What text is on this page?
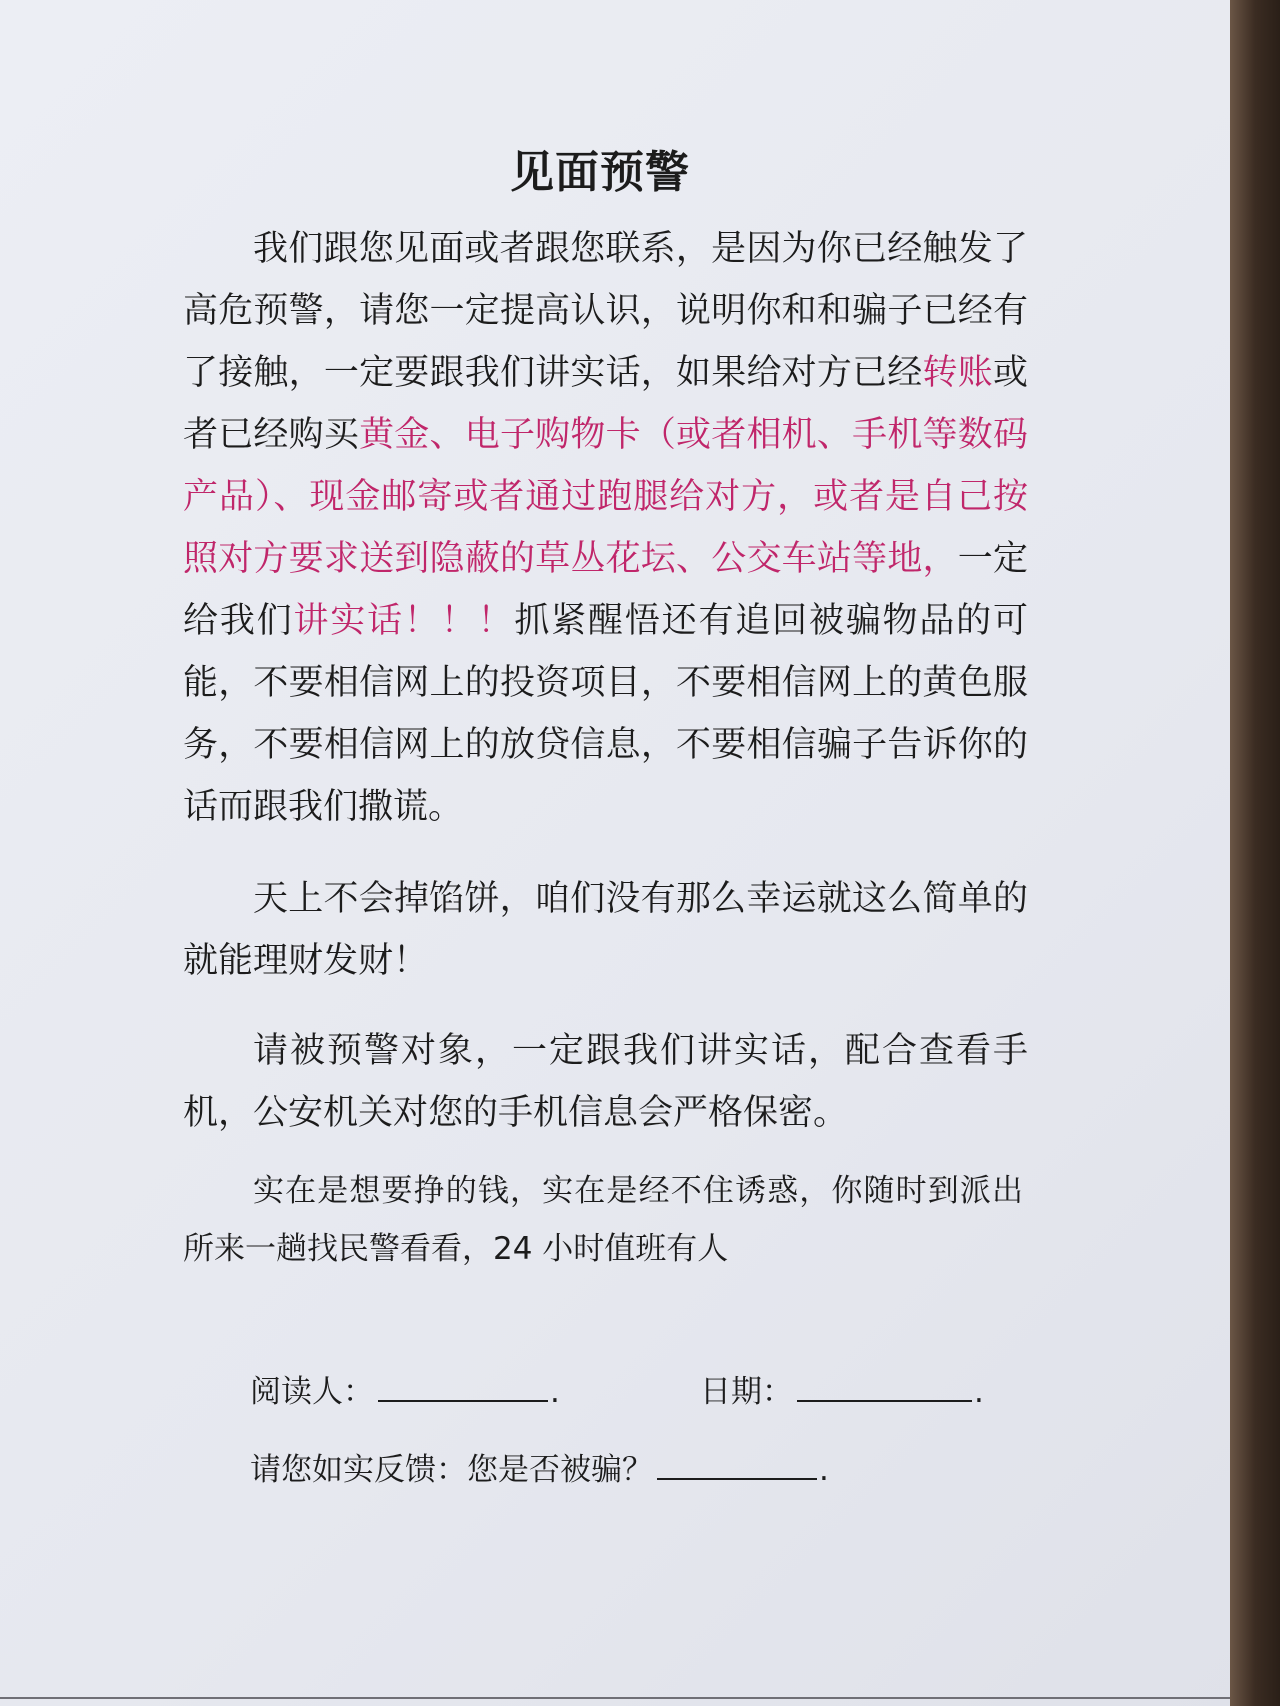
见面预警

我们跟您见面或者跟您联系，是因为你已经触发了高危预警，请您一定提高认识，说明你和和骗子已经有了接触，一定要跟我们讲实话，如果给对方已经转账或者已经购买黄金、电子购物卡（或者相机、手机等数码产品）、现金邮寄或者通过跑腿给对方，或者是自己按照对方要求送到隐蔽的草丛花坛、公交车站等地，一定给我们讲实话！！！抓紧醒悟还有追回被骗物品的可能，不要相信网上的投资项目，不要相信网上的黄色服务，不要相信网上的放贷信息，不要相信骗子告诉你的话而跟我们撒谎。

天上不会掉馅饼，咱们没有那么幸运就这么简单的就能理财发财！

请被预警对象，一定跟我们讲实话，配合查看手机，公安机关对您的手机信息会严格保密。

实在是想要挣的钱，实在是经不住诱惑，你随时到派出所来一趟找民警看看，24 小时值班有人

阅读人：	.	日期：	.
请您如实反馈：您是否被骗？	.
